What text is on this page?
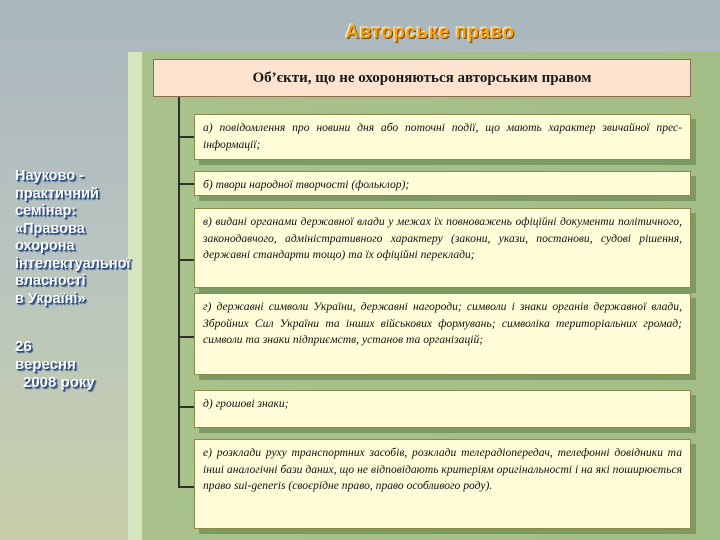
Авторське право
Об’єкти, що не охороняються авторським правом
а) повідомлення про новини дня або поточні події, що мають характер звичайної прес-інформації;
б) твори народної творчості (фольклор);
в) видані органами державної влади у межах їх повноважень офіційні документи політичного, законодавчого, адміністративного характеру (закони, укази, постанови, судові рішення, державні стандарти тощо) та їх офіційні переклади;
г) державні символи України, державні нагороди; символи і знаки органів державної влади, Збройних Сил України та інших військових формувань; символіка територіальних громад; символи та знаки підприємств, установ та організацій;
д) грошові знаки;
е) розклади руху транспортних засобів, розклади телерадіопередач, телефонні довідники та інші аналогічні бази даних, що не відповідають критеріям оригінальності і на які поширюється право sui-generis (своєрідне право, право особливого роду).
Науково -
практичний
семінар:
«Правова
охорона
інтелектуальної
власності
в Україні»
26
вересня
2008 року
